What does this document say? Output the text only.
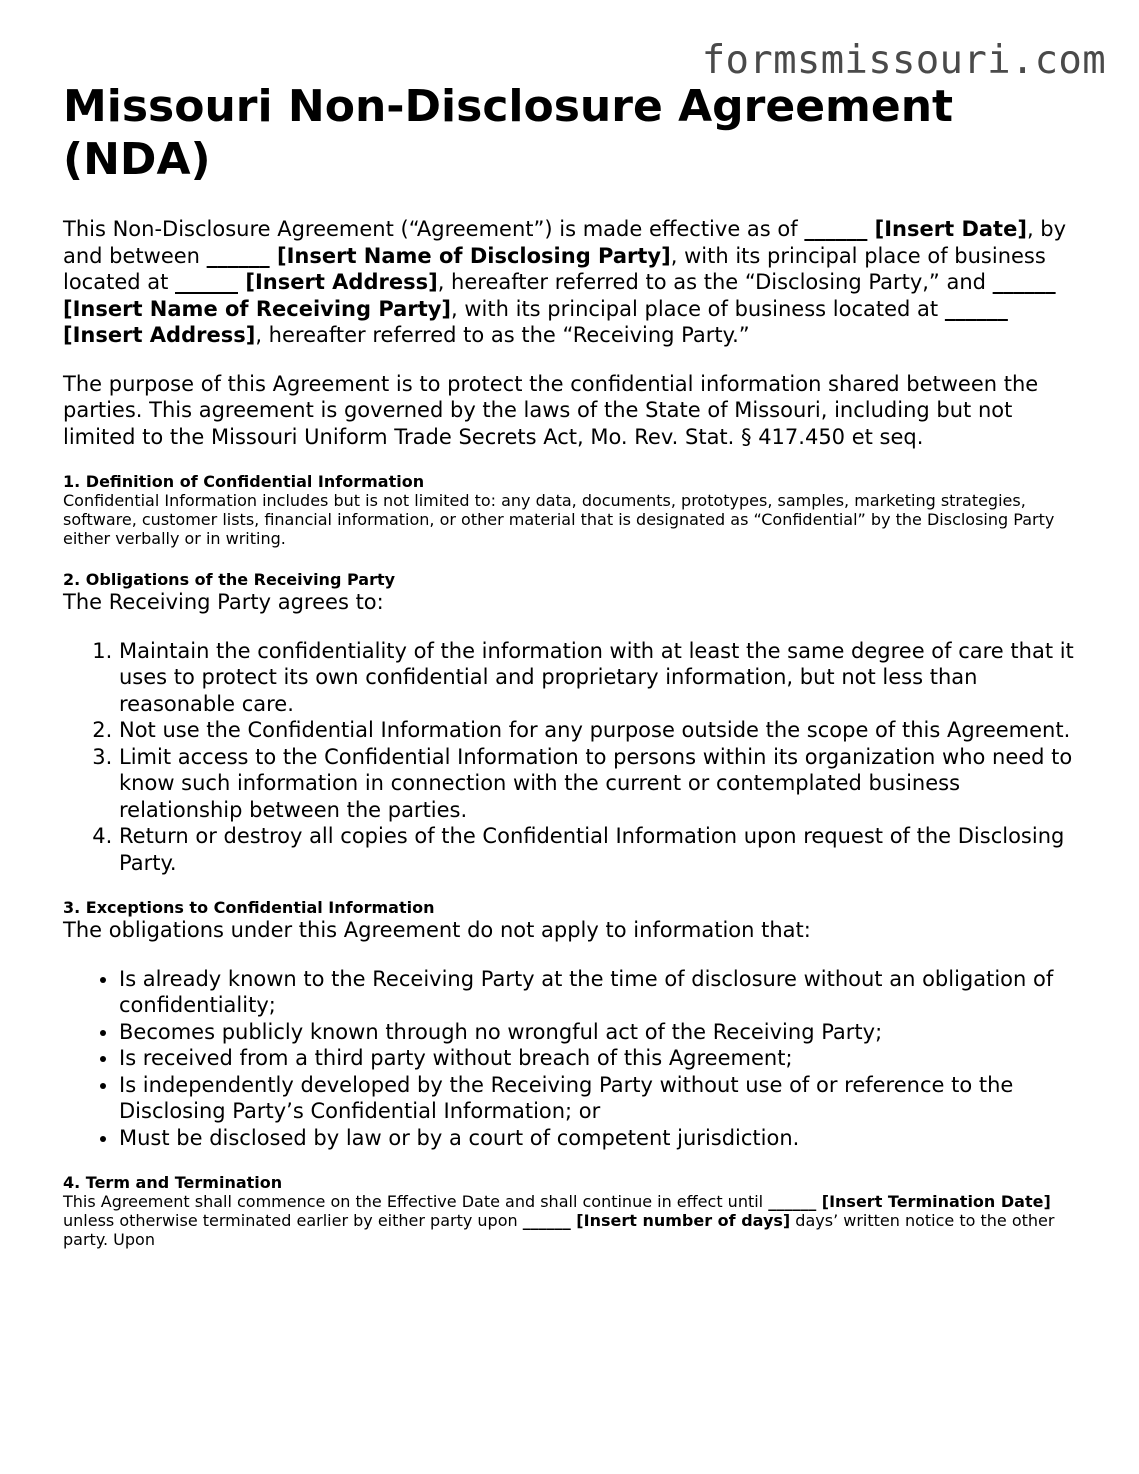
formsmissouri.com
Missouri Non-Disclosure Agreement (NDA)

This Non-Disclosure Agreement (“Agreement”) is made effective as of ______ [Insert Date], by and between ______ [Insert Name of Disclosing Party], with its principal place of business located at ______ [Insert Address], hereafter referred to as the “Disclosing Party,” and ______ [Insert Name of Receiving Party], with its principal place of business located at ______ [Insert Address], hereafter referred to as the “Receiving Party.”

The purpose of this Agreement is to protect the confidential information shared between the parties. This agreement is governed by the laws of the State of Missouri, including but not limited to the Missouri Uniform Trade Secrets Act, Mo. Rev. Stat. § 417.450 et seq.

1. Definition of Confidential Information
Confidential Information includes but is not limited to: any data, documents, prototypes, samples, marketing strategies, software, customer lists, financial information, or other material that is designated as “Confidential” by the Disclosing Party either verbally or in writing.
2. Obligations of the Receiving Party

The Receiving Party agrees to:

1. Maintain the confidentiality of the information with at least the same degree of care that it uses to protect its own confidential and proprietary information, but not less than reasonable care.
2. Not use the Confidential Information for any purpose outside the scope of this Agreement.
3. Limit access to the Confidential Information to persons within its organization who need to know such information in connection with the current or contemplated business relationship between the parties.
4. Return or destroy all copies of the Confidential Information upon request of the Disclosing Party.
3. Exceptions to Confidential Information

The obligations under this Agreement do not apply to information that:

• Is already known to the Receiving Party at the time of disclosure without an obligation of confidentiality;
• Becomes publicly known through no wrongful act of the Receiving Party;
• Is received from a third party without breach of this Agreement;
• Is independently developed by the Receiving Party without use of or reference to the Disclosing Party’s Confidential Information; or
• Must be disclosed by law or by a court of competent jurisdiction.
4. Term and Termination
This Agreement shall commence on the Effective Date and shall continue in effect until ______ [Insert Termination Date] unless otherwise terminated earlier by either party upon ______ [Insert number of days] days’ written notice to the other party. Upon
